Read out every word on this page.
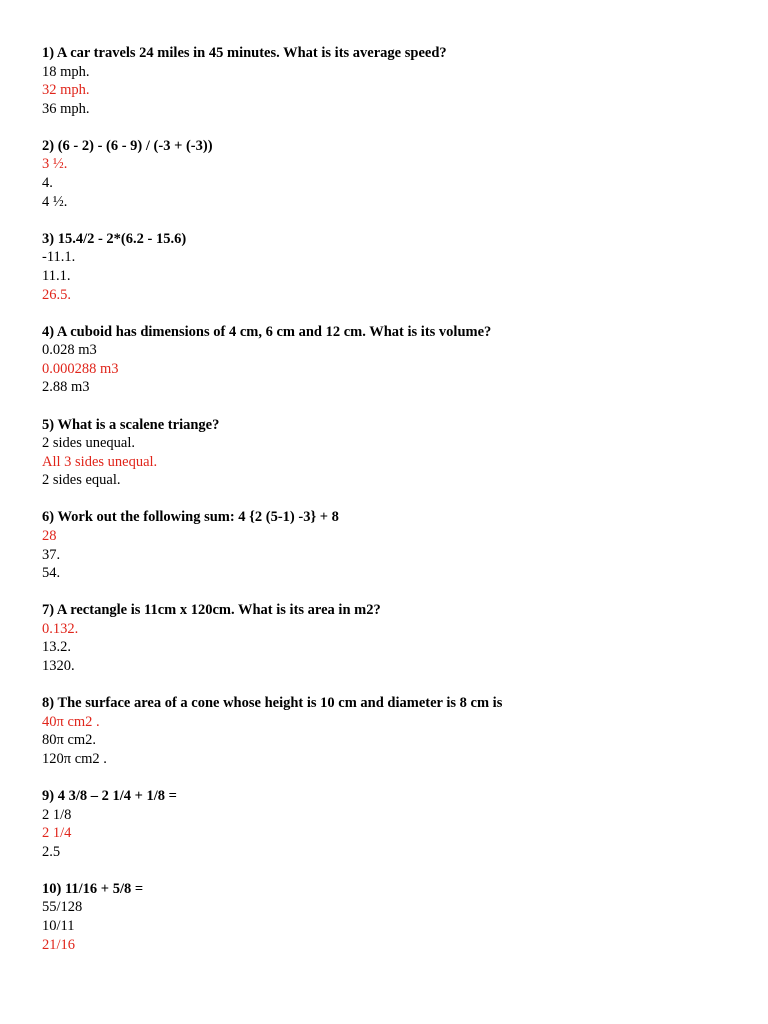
1) A car travels 24 miles in 45 minutes. What is its average speed?
18 mph.
32 mph.
36 mph.
2) (6 - 2) - (6 - 9) / (-3 + (-3))
3 ½.
4.
4 ½.
3) 15.4/2 - 2*(6.2 - 15.6)
-11.1.
11.1.
26.5.
4) A cuboid has dimensions of 4 cm, 6 cm and 12 cm. What is its volume?
0.028 m3
0.000288 m3
2.88 m3
5) What is a scalene triange?
2 sides unequal.
All 3 sides unequal.
2 sides equal.
6) Work out the following sum: 4 {2 (5-1) -3} + 8
28
37.
54.
7) A rectangle is 11cm x 120cm. What is its area in m2?
0.132.
13.2.
1320.
8) The surface area of a cone whose height is 10 cm and diameter is 8 cm is
40π cm2 .
80π cm2.
120π cm2 .
9) 4 3/8 – 2 1/4 + 1/8 =
2 1/8
2 1/4
2.5
10) 11/16 + 5/8 =
55/128
10/11
21/16
